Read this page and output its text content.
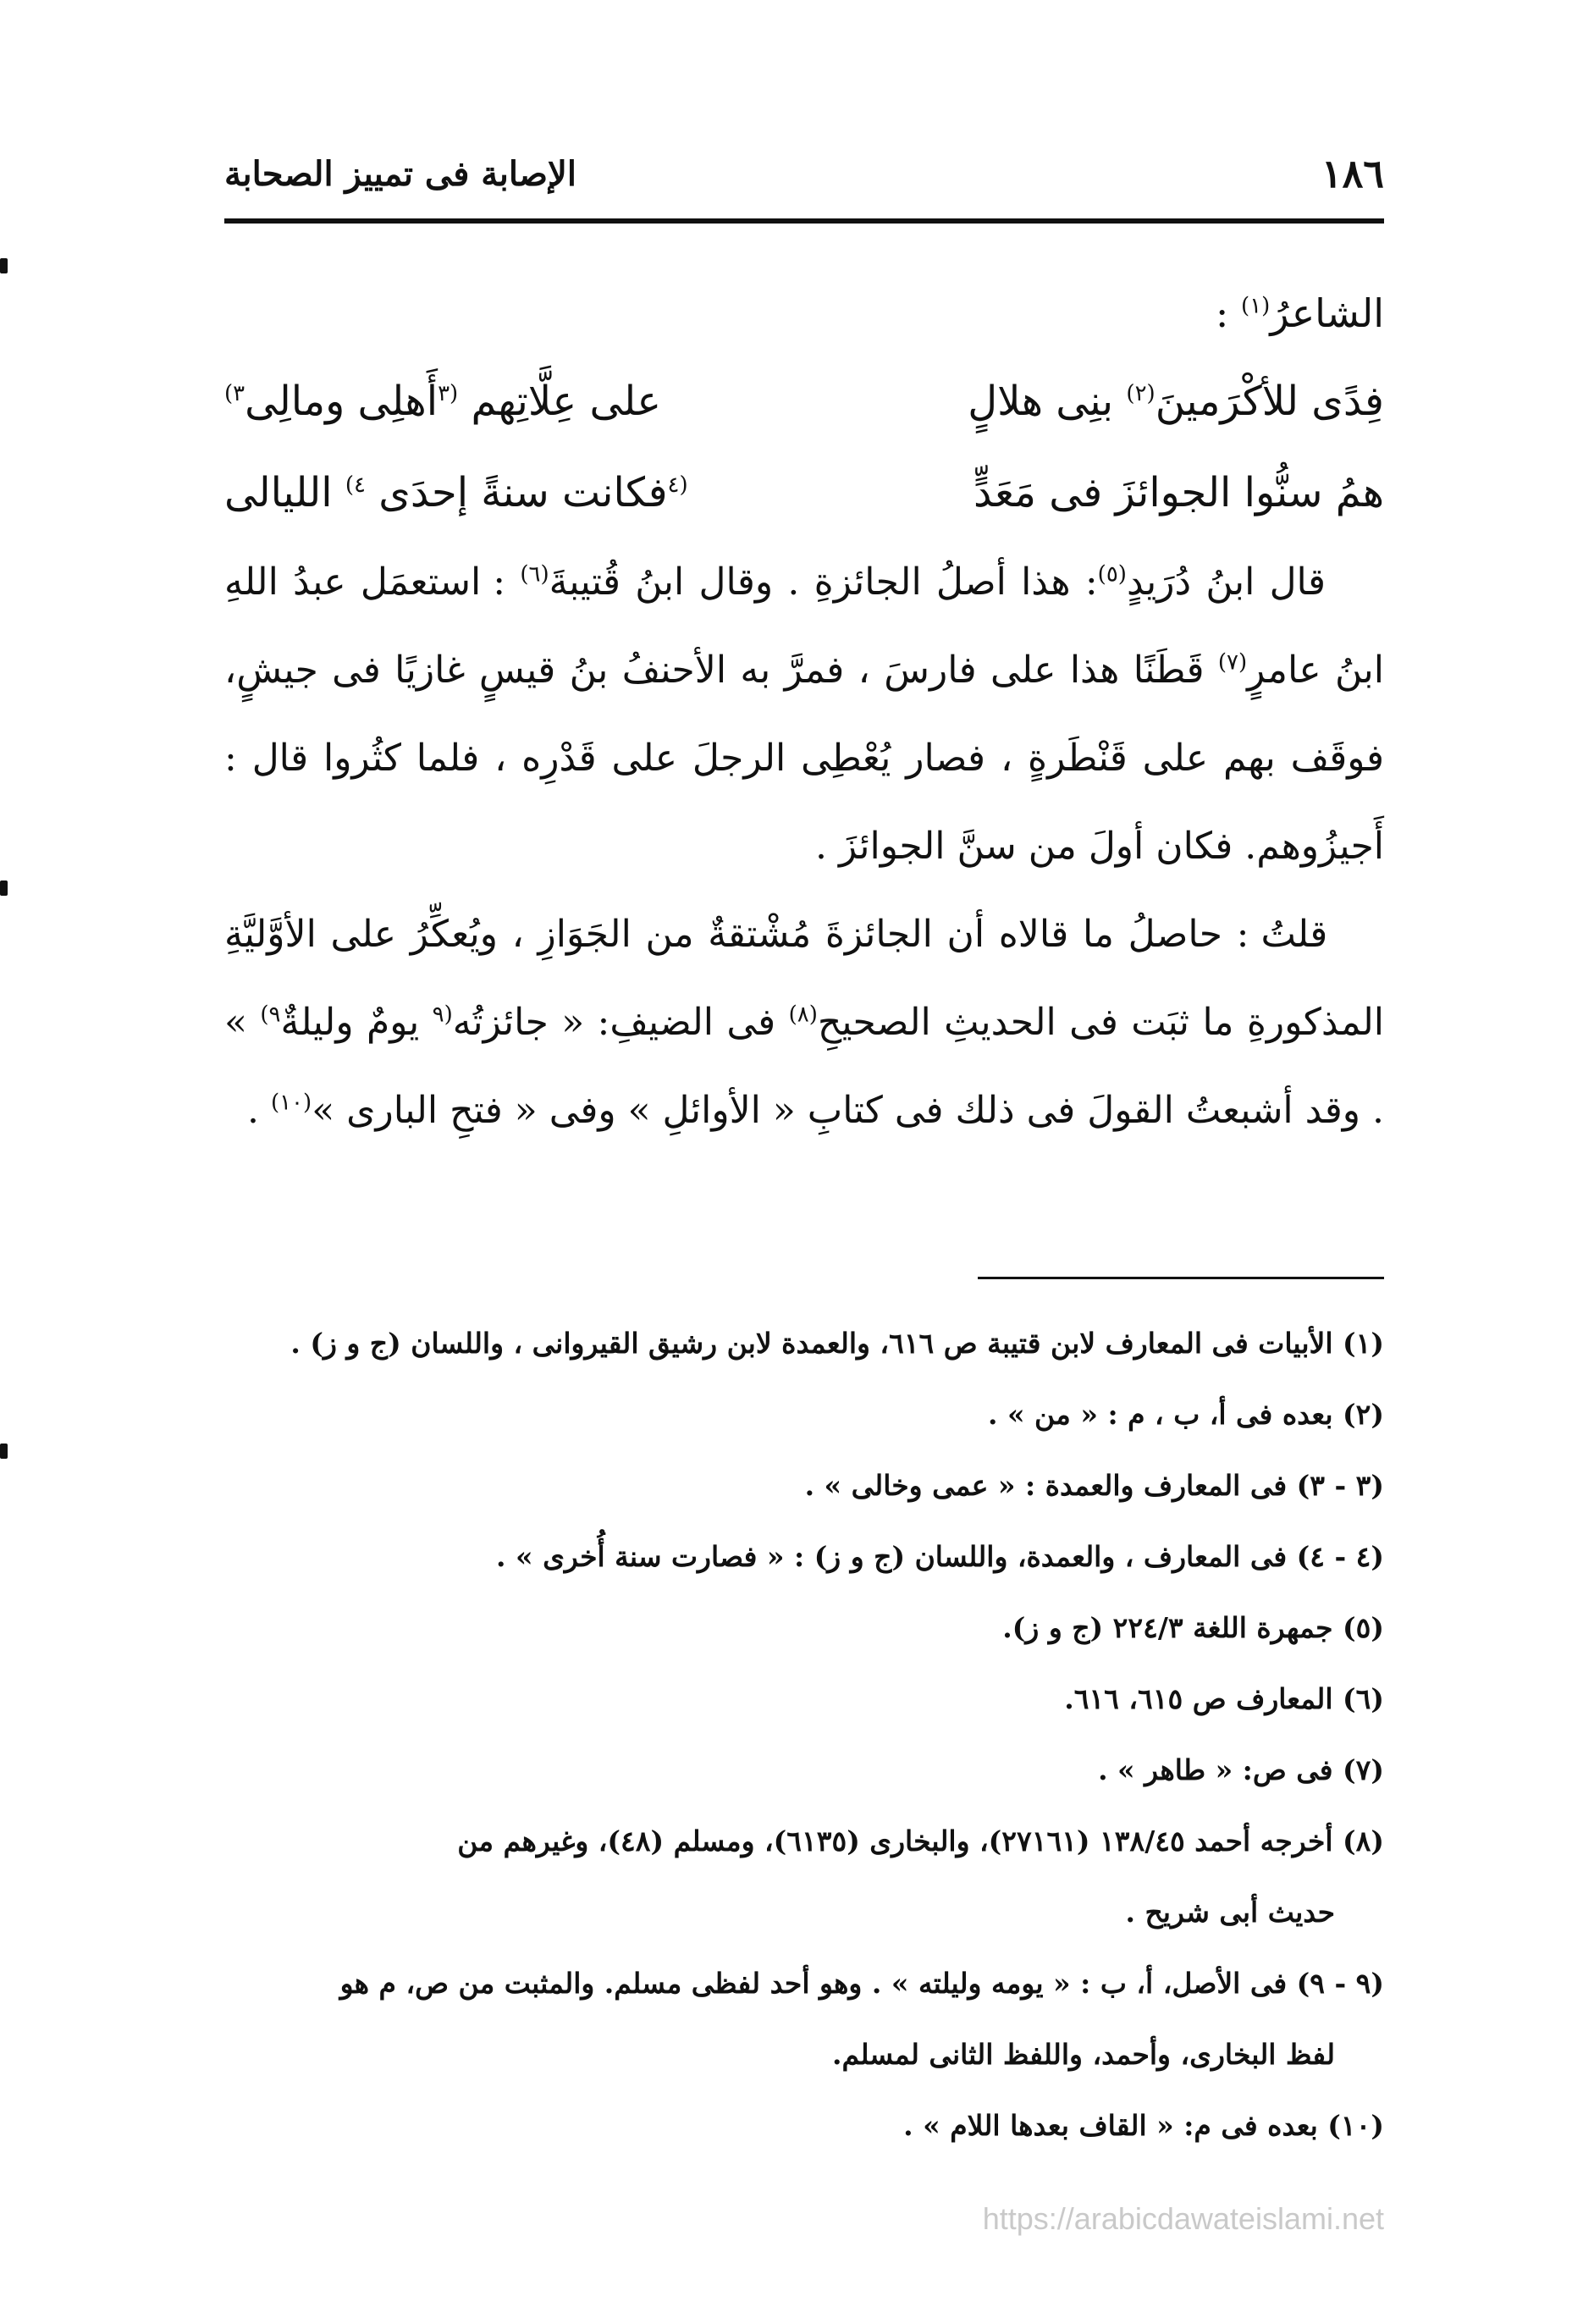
١٨٦
الإصابة فى تمييز الصحابة
الشاعرُ$^{(١)}$ :
فِدًى للأكْرَمينَ$^{(٢)}$ بنِى هلالٍ
على عِلَّاتِهم $^{(٣}$أَهلِى ومالِى$^{٣)}$
همُ سنُّوا الجوائزَ فى مَعَدٍّ
$^{(٤}$فكانت سنةً إحدَى $^{٤)}$ الليالى

قال ابنُ دُرَيدٍ$^{(٥)}$: هذا أصلُ الجائزةِ . وقال ابنُ قُتيبةَ$^{(٦)}$ : استعمَل عبدُ اللهِ ابنُ عامرٍ$^{(٧)}$ قَطَنًا هذا على فارسَ ، فمرَّ به الأحنفُ بنُ قيسٍ غازيًا فى جيشٍ، فوقَف بهم على قَنْطَرةٍ ، فصار يُعْطِى الرجلَ على قَدْرِه ، فلما كثُروا قال : أَجيزُوهم. فكان أولَ من سنَّ الجوائزَ .

قلتُ : حاصلُ ما قالاه أن الجائزةَ مُشْتقةٌ من الجَوَازِ ، ويُعكِّرُ على الأوَّليَّةِ المذكورةِ ما ثبَت فى الحديثِ الصحيحِ$^{(٨)}$ فى الضيفِ: « جائزتُه$^{(٩}$ يومٌ وليلةٌ$^{٩)}$ » . وقد أشبعتُ القولَ فى ذلك فى كتابِ « الأوائلِ » وفى « فتحِ البارى »$^{(١٠)}$ .

(١) الأبيات فى المعارف لابن قتيبة ص ٦١٦، والعمدة لابن رشيق القيروانى ، واللسان (ج و ز) .

(٢) بعده فى أ، ب ، م : « من » .

(٣ - ٣) فى المعارف والعمدة : « عمى وخالى » .

(٤ - ٤) فى المعارف ، والعمدة، واللسان (ج و ز) : « فصارت سنة أُخرى » .

(٥) جمهرة اللغة ٢٢٤/٣ (ج و ز).

(٦) المعارف ص ٦١٥، ٦١٦.

(٧) فى ص: « طاهر » .

(٨) أخرجه أحمد ١٣٨/٤٥ (٢٧١٦١)، والبخارى (٦١٣٥)، ومسلم (٤٨)، وغيرهم من

حديث أبى شريح .

(٩ - ٩) فى الأصل، أ، ب : « يومه وليلته » . وهو أحد لفظى مسلم. والمثبت من ص، م هو

لفظ البخارى، وأحمد، واللفظ الثانى لمسلم.

(١٠) بعده فى م: « القاف بعدها اللام » .

https://arabicdawateislami.net
